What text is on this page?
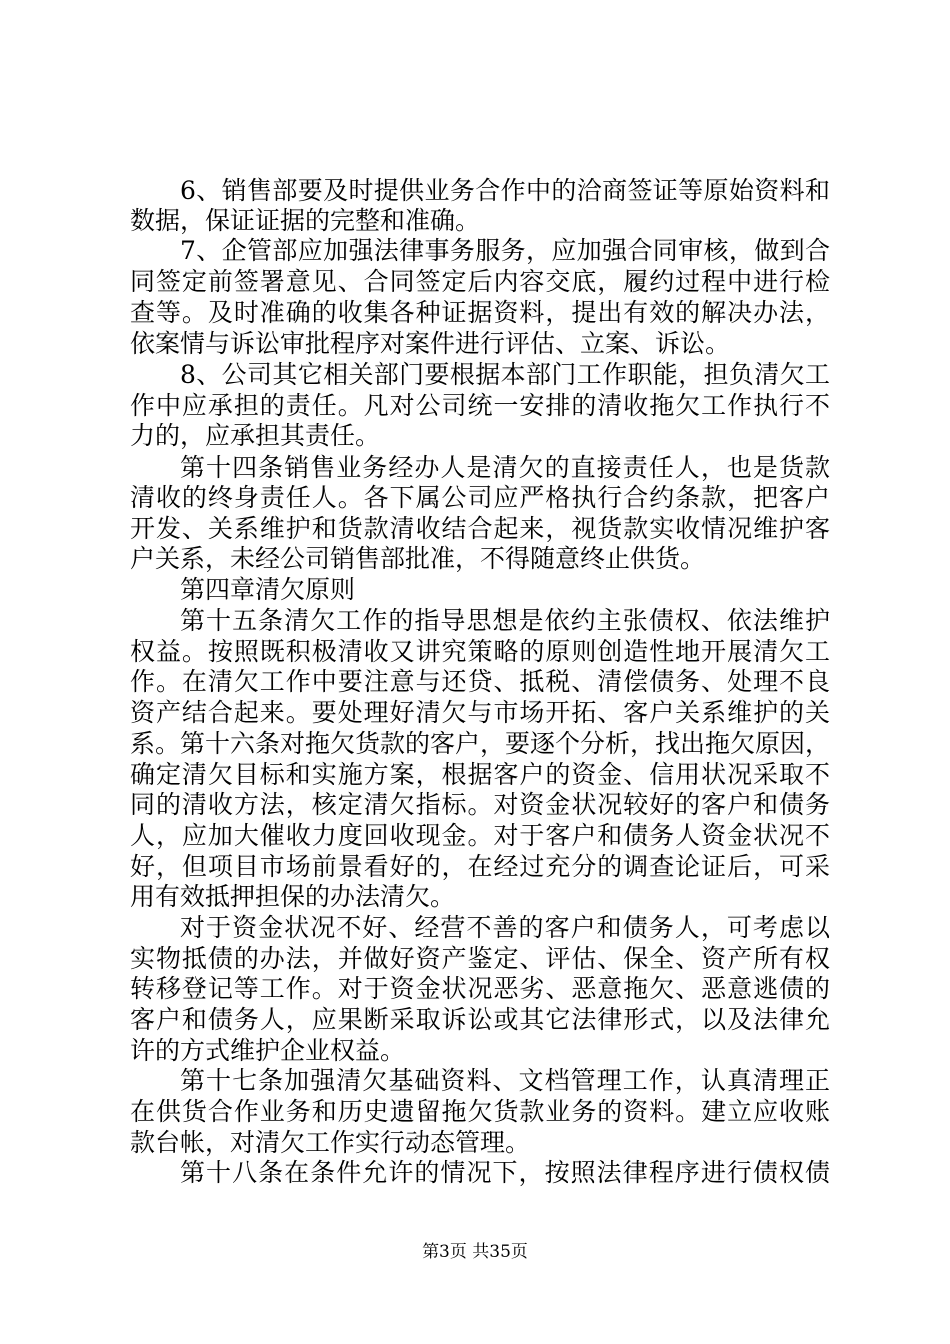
6、销售部要及时提供业务合作中的洽商签证等原始资料和
数据，保证证据的完整和准确。
7、企管部应加强法律事务服务，应加强合同审核，做到合
同签定前签署意见、合同签定后内容交底，履约过程中进行检
查等。及时准确的收集各种证据资料，提出有效的解决办法，
依案情与诉讼审批程序对案件进行评估、立案、诉讼。
8、公司其它相关部门要根据本部门工作职能，担负清欠工
作中应承担的责任。凡对公司统一安排的清收拖欠工作执行不
力的，应承担其责任。
第十四条销售业务经办人是清欠的直接责任人，也是货款
清收的终身责任人。各下属公司应严格执行合约条款，把客户
开发、关系维护和货款清收结合起来，视货款实收情况维护客
户关系，未经公司销售部批准，不得随意终止供货。
第四章清欠原则
第十五条清欠工作的指导思想是依约主张债权、依法维护
权益。按照既积极清收又讲究策略的原则创造性地开展清欠工
作。在清欠工作中要注意与还贷、抵税、清偿债务、处理不良
资产结合起来。要处理好清欠与市场开拓、客户关系维护的关
系。第十六条对拖欠货款的客户，要逐个分析，找出拖欠原因，
确定清欠目标和实施方案，根据客户的资金、信用状况采取不
同的清收方法，核定清欠指标。对资金状况较好的客户和债务
人，应加大催收力度回收现金。对于客户和债务人资金状况不
好，但项目市场前景看好的，在经过充分的调查论证后，可采
用有效抵押担保的办法清欠。
对于资金状况不好、经营不善的客户和债务人，可考虑以
实物抵债的办法，并做好资产鉴定、评估、保全、资产所有权
转移登记等工作。对于资金状况恶劣、恶意拖欠、恶意逃债的
客户和债务人，应果断采取诉讼或其它法律形式，以及法律允
许的方式维护企业权益。
第十七条加强清欠基础资料、文档管理工作，认真清理正
在供货合作业务和历史遗留拖欠货款业务的资料。建立应收账
款台帐，对清欠工作实行动态管理。
第十八条在条件允许的情况下，按照法律程序进行债权债
第3页 共35页
